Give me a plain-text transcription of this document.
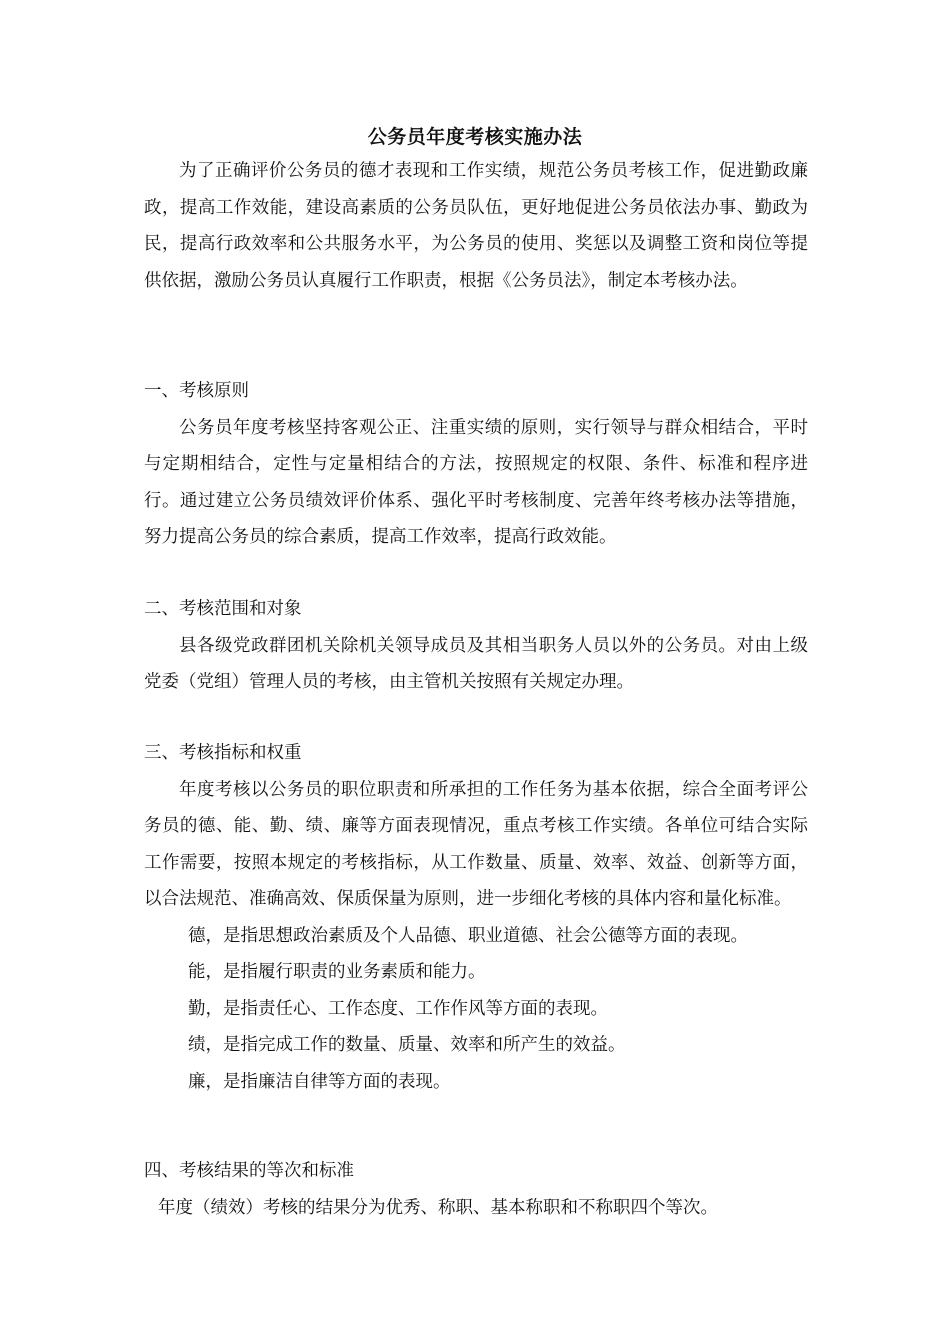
公务员年度考核实施办法

为了正确评价公务员的德才表现和工作实绩，规范公务员考核工作，促进勤政廉政，提高工作效能，建设高素质的公务员队伍，更好地促进公务员依法办事、勤政为民，提高行政效率和公共服务水平，为公务员的使用、奖惩以及调整工资和岗位等提供依据，激励公务员认真履行工作职责，根据《公务员法》，制定本考核办法。

一、考核原则

公务员年度考核坚持客观公正、注重实绩的原则，实行领导与群众相结合，平时与定期相结合，定性与定量相结合的方法，按照规定的权限、条件、标准和程序进行。通过建立公务员绩效评价体系、强化平时考核制度、完善年终考核办法等措施，努力提高公务员的综合素质，提高工作效率，提高行政效能。

二、考核范围和对象

县各级党政群团机关除机关领导成员及其相当职务人员以外的公务员。对由上级党委（党组）管理人员的考核，由主管机关按照有关规定办理。

三、考核指标和权重

年度考核以公务员的职位职责和所承担的工作任务为基本依据，综合全面考评公务员的德、能、勤、绩、廉等方面表现情况，重点考核工作实绩。各单位可结合实际工作需要，按照本规定的考核指标，从工作数量、质量、效率、效益、创新等方面，以合法规范、准确高效、保质保量为原则，进一步细化考核的具体内容和量化标准。

德，是指思想政治素质及个人品德、职业道德、社会公德等方面的表现。

能，是指履行职责的业务素质和能力。

勤，是指责任心、工作态度、工作作风等方面的表现。

绩，是指完成工作的数量、质量、效率和所产生的效益。

廉，是指廉洁自律等方面的表现。

四、考核结果的等次和标准

年度（绩效）考核的结果分为优秀、称职、基本称职和不称职四个等次。
